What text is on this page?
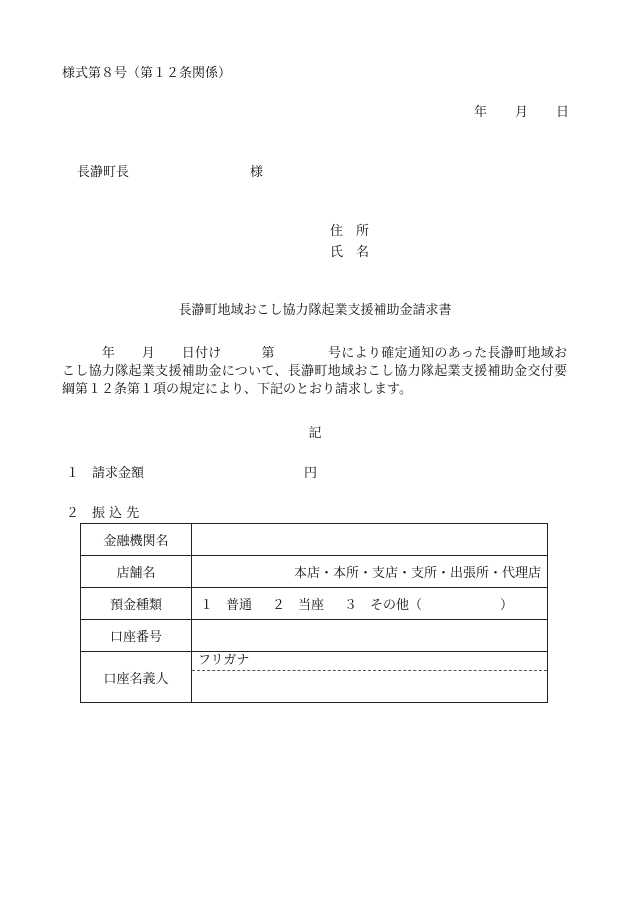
様式第８号（第１２条関係）
年 月 日
長瀞町長	様
住　所
氏　名
長瀞町地域おこし協力隊起業支援補助金請求書
　　　年　　月　　日付け　　　第　　　　号により確定通知のあった長瀞町地域おこし協力隊起業支援補助金について、長瀞町地域おこし協力隊起業支援補助金交付要綱第１２条第１項の規定により、下記のとおり請求します。
記
１　請求金額	円
２　振 込 先
金融機関名	
店舗名	本店・本所・支店・支所・出張所・代理店
預金種類	１　普通 ２　当座 ３　その他（　　　　　　）
口座番号	
口座名義人	フリガナ
